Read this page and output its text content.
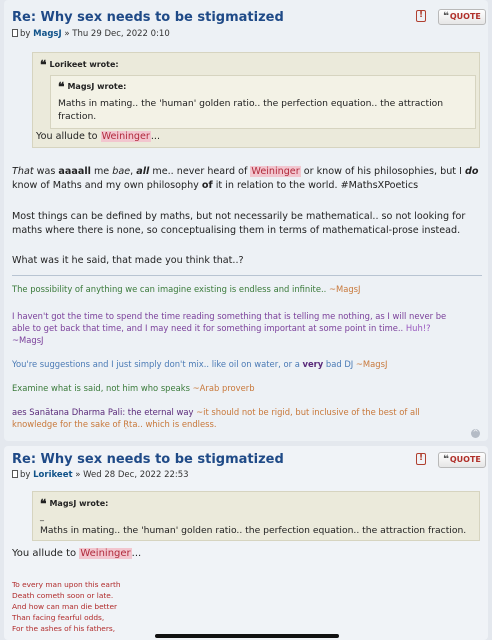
Re: Why sex needs to be stigmatized !	❝QUOTE
by MagsJ » Thu 29 Dec, 2022 0:10
❝ Lorikeet wrote:
❝ MagsJ wrote:
Maths in mating.. the 'human' golden ratio.. the perfection equation.. the attraction
fraction.
You allude to Weininger...
That was aaaall me bae, all me.. never heard of Weininger or know of his philosophies, but I do
know of Maths and my own philosophy of it in relation to the world. #MathsXPoetics
Most things can be defined by maths, but not necessarily be mathematical.. so not looking for
maths where there is none, so conceptualising them in terms of mathematical-prose instead.
What was it he said, that made you think that..?
The possibility of anything we can imagine existing is endless and infinite.. ~MagsJ
I haven't got the time to spend the time reading something that is telling me nothing, as I will never be
able to get back that time, and I may need it for something important at some point in time.. Huh!?
~MagsJ
You're suggestions and I just simply don't mix.. like oil on water, or a very bad DJ ~MagsJ
Examine what is said, not him who speaks ~Arab proverb
aes Sanātana Dharma Pali: the eternal way ~it should not be rigid, but inclusive of the best of all
knowledge for the sake of Ṛta.. which is endless.
^
Re: Why sex needs to be stigmatized !	❝QUOTE
by Lorikeet » Wed 28 Dec, 2022 22:53
❝ MagsJ wrote:
_
Maths in mating.. the 'human' golden ratio.. the perfection equation.. the attraction fraction.
You allude to Weininger...
To every man upon this earth
Death cometh soon or late.
And how can man die better
Than facing fearful odds,
For the ashes of his fathers,
